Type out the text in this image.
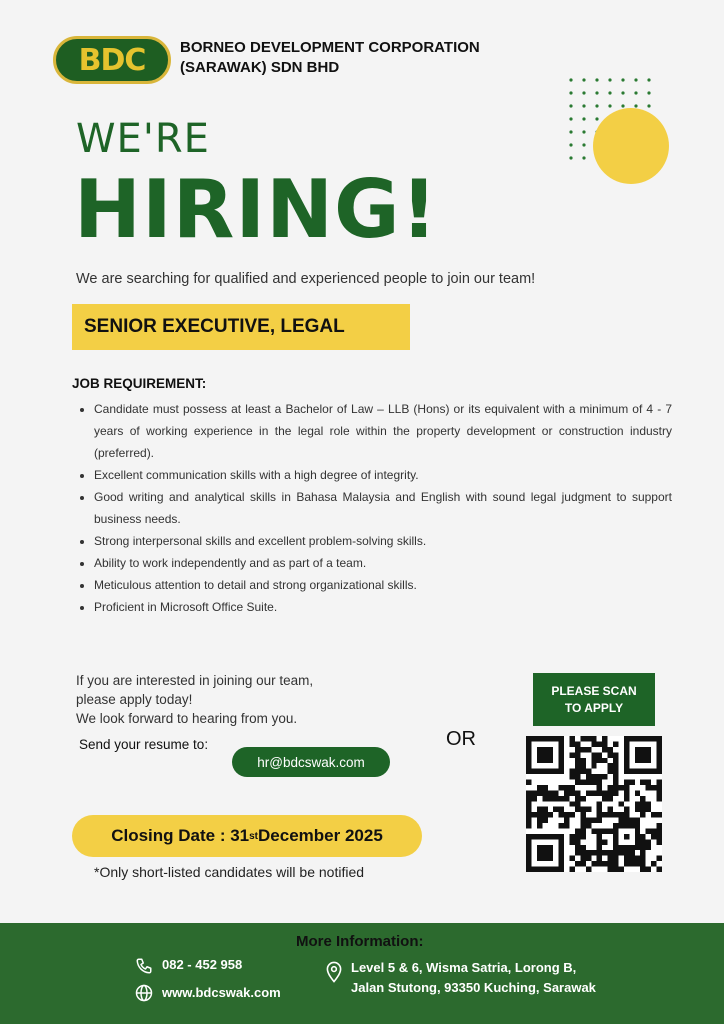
BDC BORNEO DEVELOPMENT CORPORATION
(SARAWAK) SDN BHD
WE'RE
HIRING!
We are searching for qualified and experienced people to join our team!
SENIOR EXECUTIVE, LEGAL
JOB REQUIREMENT:
• Candidate must possess at least a Bachelor of Law – LLB (Hons) or its equivalent with a minimum of 4 - 7 years of working experience in the legal role within the property development or construction industry (preferred).
• Excellent communication skills with a high degree of integrity.
• Good writing and analytical skills in Bahasa Malaysia and English with sound legal judgment to support business needs.
• Strong interpersonal skills and excellent problem-solving skills.
• Ability to work independently and as part of a team.
• Meticulous attention to detail and strong organizational skills.
• Proficient in Microsoft Office Suite.
If you are interested in joining our team,
please apply today!
We look forward to hearing from you.
Send your resume to:
hr@bdcswak.com
OR
PLEASE SCAN
TO APPLY
Closing Date : 31 st December 2025
*Only short-listed candidates will be notified
More Information:
082 - 452 958
www.bdcswak.com
Level 5 & 6, Wisma Satria, Lorong B,
Jalan Stutong, 93350 Kuching, Sarawak
